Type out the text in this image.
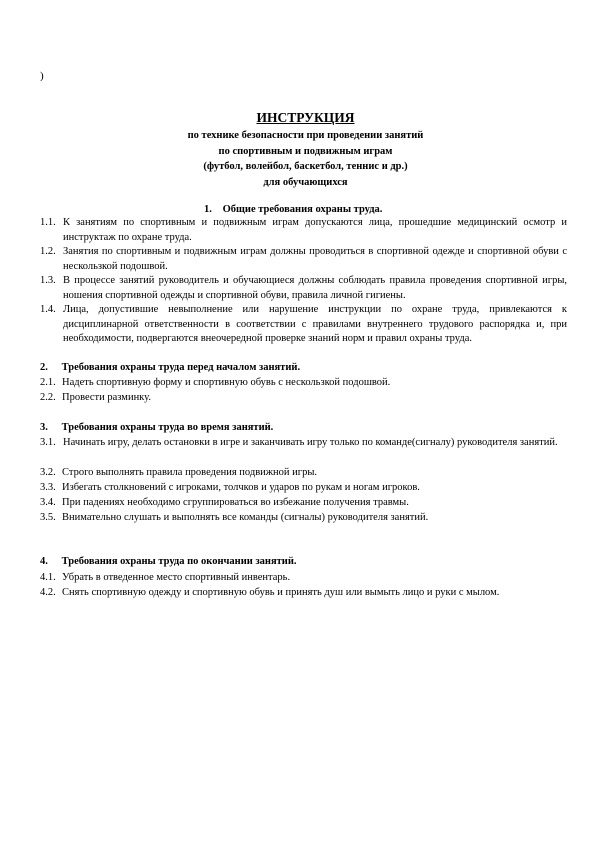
)
ИНСТРУКЦИЯ
по технике безопасности при проведении занятий
по спортивным и подвижным играм
(футбол, волейбол, баскетбол, теннис и др.)
для обучающихся
1. Общие требования охраны труда.
1.1. К занятиям по спортивным и подвижным играм допускаются лица, прошедшие медицинский осмотр и инструктаж по охране труда.
1.2. Занятия по спортивным и подвижным играм должны проводиться в спортивной одежде и спортивной обуви с нескользкой подошвой.
1.3. В процессе занятий руководитель и обучающиеся должны соблюдать правила проведения спортивной игры, ношения спортивной одежды и спортивной обуви, правила личной гигиены.
1.4. Лица, допустившие невыполнение или нарушение инструкции по охране труда, привлекаются к дисциплинарной ответственности в соответствии с правилами внутреннего трудового распорядка и, при необходимости, подвергаются внеочередной проверке знаний норм и правил охраны труда.
2. Требования охраны труда перед началом занятий.
2.1. Надеть спортивную форму и спортивную обувь с нескользкой подошвой.
2.2. Провести разминку.
3. Требования охраны труда во время занятий.
3.1. Начинать игру, делать остановки в игре и заканчивать игру только по команде(сигналу) руководителя занятий.
3.2. Строго выполнять правила проведения подвижной игры.
3.3. Избегать столкновений с игроками, толчков и ударов по рукам и ногам игроков.
3.4. При падениях необходимо сгруппироваться во избежание получения травмы.
3.5. Внимательно слушать и выполнять все команды (сигналы) руководителя занятий.
4. Требования охраны труда по окончании занятий.
4.1. Убрать в отведенное место спортивный инвентарь.
4.2. Снять спортивную одежду и спортивную обувь и принять душ или вымыть лицо и руки с мылом.
